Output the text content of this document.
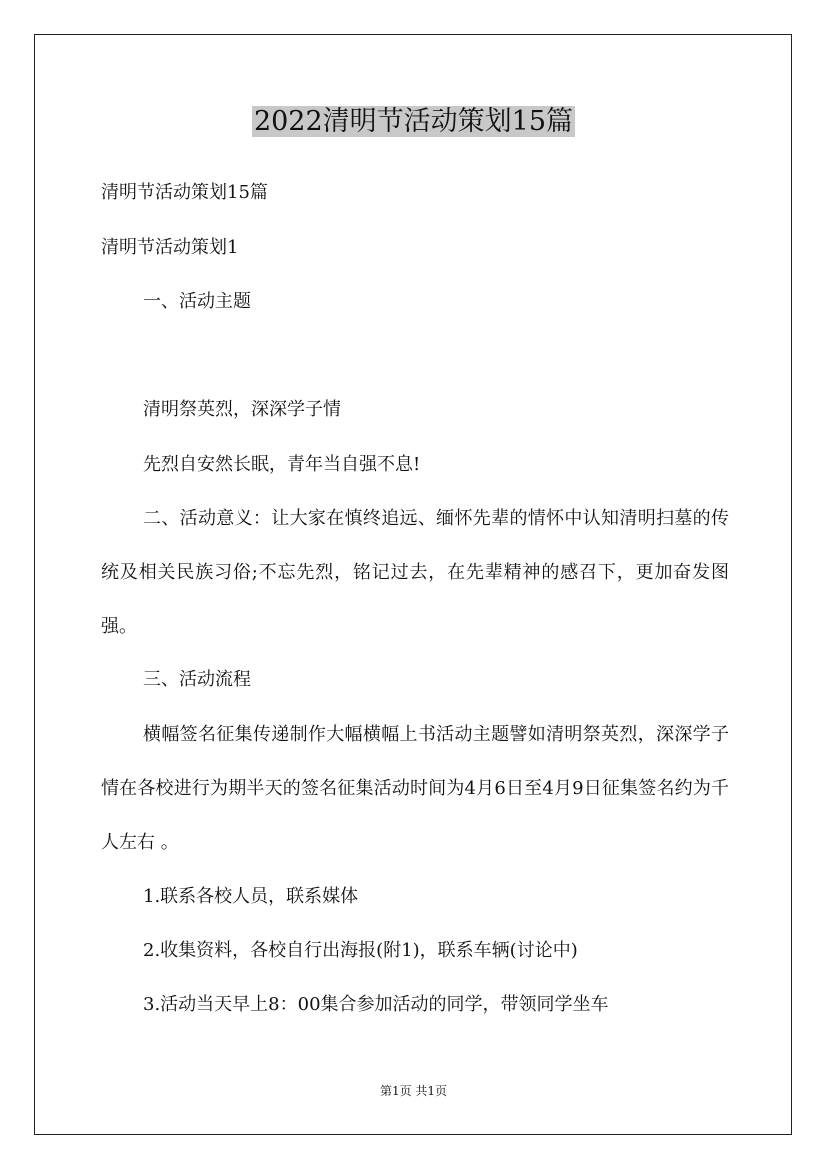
2022清明节活动策划15篇

清明节活动策划15篇

清明节活动策划1

一、活动主题

清明祭英烈，深深学子情

先烈自安然长眠，青年当自强不息!

二、活动意义：让大家在慎终追远、缅怀先辈的情怀中认知清明扫墓的传统及相关民族习俗;不忘先烈，铭记过去，在先辈精神的感召下，更加奋发图强。

三、活动流程

横幅签名征集传递制作大幅横幅上书活动主题譬如清明祭英烈，深深学子情在各校进行为期半天的签名征集活动时间为4月6日至4月9日征集签名约为千人左右 。

1.联系各校人员，联系媒体

2.收集资料，各校自行出海报(附1)，联系车辆(讨论中)

3.活动当天早上8：00集合参加活动的同学，带领同学坐车

第1页 共1页
